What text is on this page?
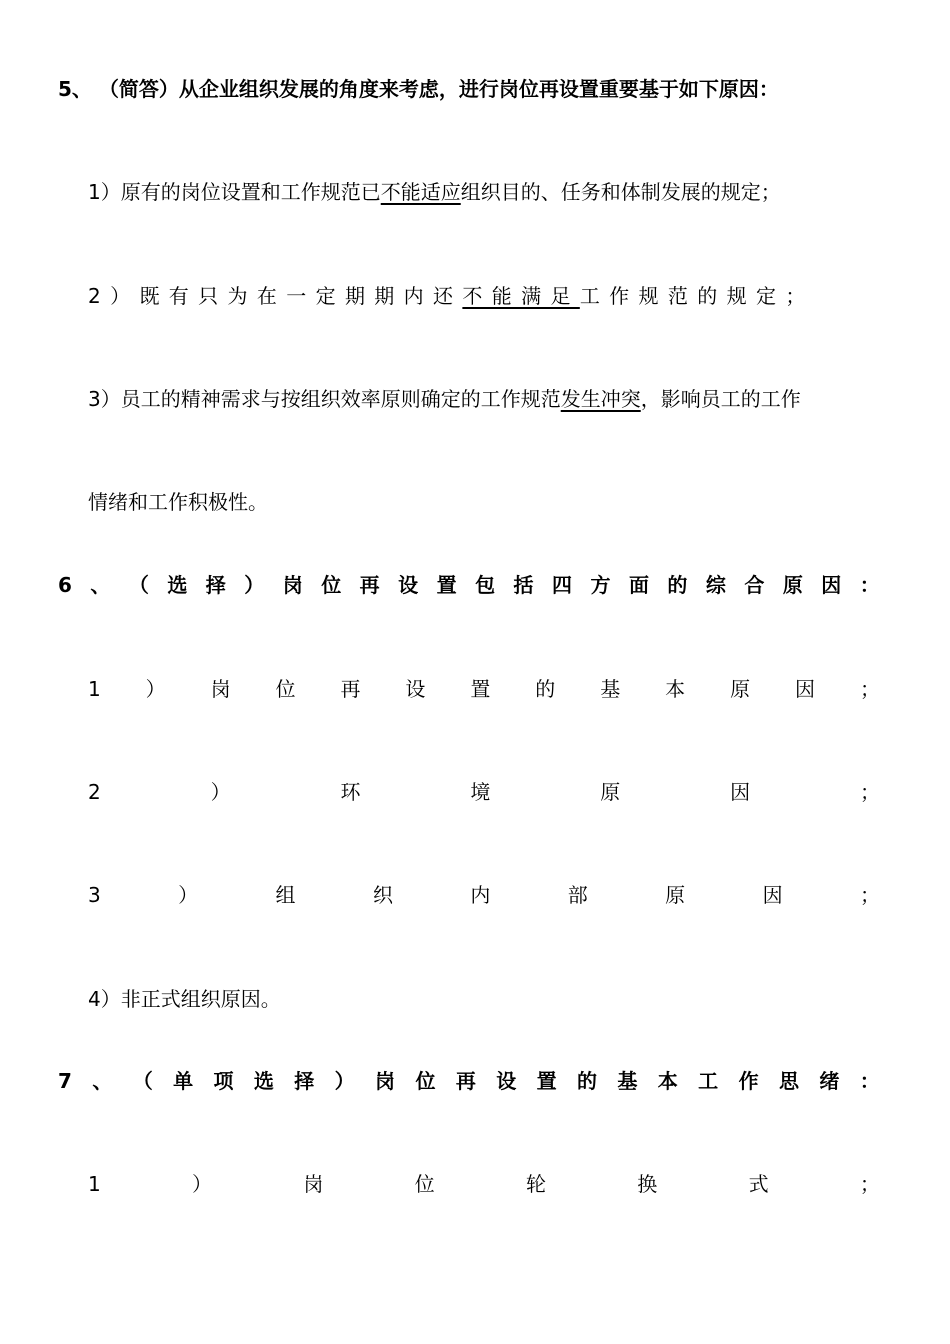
5、 （简答）从企业组织发展的角度来考虑，进行岗位再设置重要基于如下原因：
1）原有的岗位设置和工作规范已不能适应组织目的、任务和体制发展的规定；
2 ） 既 有 只 为 在 一 定 期 期 内 还 不 能 满 足 工 作 规 范 的 规 定 ；
3）员工的精神需求与按组织效率原则确定的工作规范发生冲突，影响员工的工作
情绪和工作积极性。
6 、 （ 选 择 ） 岗 位 再 设 置 包 括 四 方 面 的 综 合 原 因 ：
1 ） 岗 位 再 设 置 的 基 本 原 因 ；
2	）	环	境	原	因	；
3	）	组	织	内	部	原	因	；
4）非正式组织原因。
7 、 （ 单 项 选 择 ） 岗 位 再 设 置 的 基 本 工 作 思 绪 ：
1	）	岗	位	轮	换	式	；
